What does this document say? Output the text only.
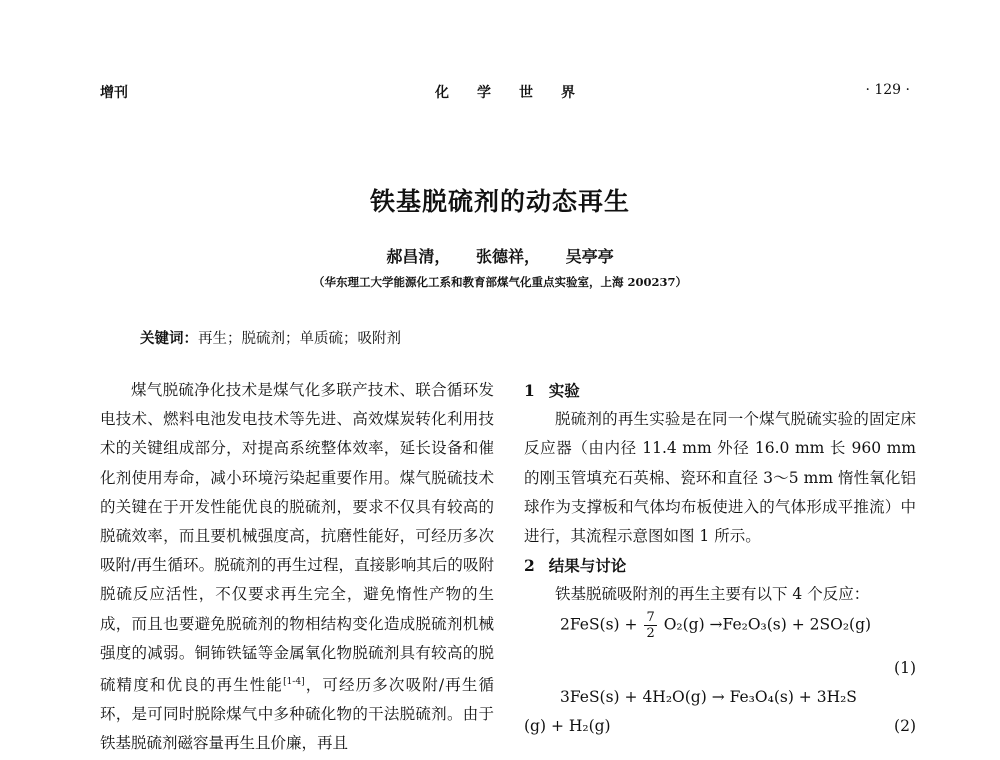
增刊	化学世界	· 129 ·
铁基脱硫剂的动态再生
郝昌清， 张德祥， 吴亭亭
（华东理工大学能源化工系和教育部煤气化重点实验室，上海 200237）
关键词：再生；脱硫剂；单质硫；吸附剂

煤气脱硫净化技术是煤气化多联产技术、联合循环发电技术、燃料电池发电技术等先进、高效煤炭转化利用技术的关键组成部分，对提高系统整体效率，延长设备和催化剂使用寿命，减小环境污染起重要作用。煤气脱硫技术的关键在于开发性能优良的脱硫剂，要求不仅具有较高的脱硫效率，而且要机械强度高，抗磨性能好，可经历多次吸附/再生循环。脱硫剂的再生过程，直接影响其后的吸附脱硫反应活性，不仅要求再生完全，避免惰性产物的生成，而且也要避免脱硫剂的物相结构变化造成脱硫剂机械强度的减弱。铜钸铁锰等金属氧化物脱硫剂具有较高的脱硫精度和优良的再生性能[1-4]，可经历多次吸附/再生循环，是可同时脱除煤气中多种硫化物的干法脱硫剂。由于铁基脱硫剂磁容量再生且价廉，再且

1 实验

脱硫剂的再生实验是在同一个煤气脱硫实验的固定床反应器（由内径 11.4 mm 外径 16.0 mm 长 960 mm 的刚玉管填充石英棉、瓷环和直径 3～5 mm 惰性氧化铝球作为支撑板和气体均布板使进入的气体形成平推流）中进行，其流程示意图如图 1 所示。

2 结果与讨论

铁基脱硫吸附剂的再生主要有以下 4 个反应：

$2FeS(s) + \frac{7}{2} O_2(g) \to Fe_2O_3(s) + 2SO_2(g)$
(1)
3FeS(s) + 4H₂O(g) → Fe₃O₄(s) + 3H₂S
(g) + H₂(g)	(2)
